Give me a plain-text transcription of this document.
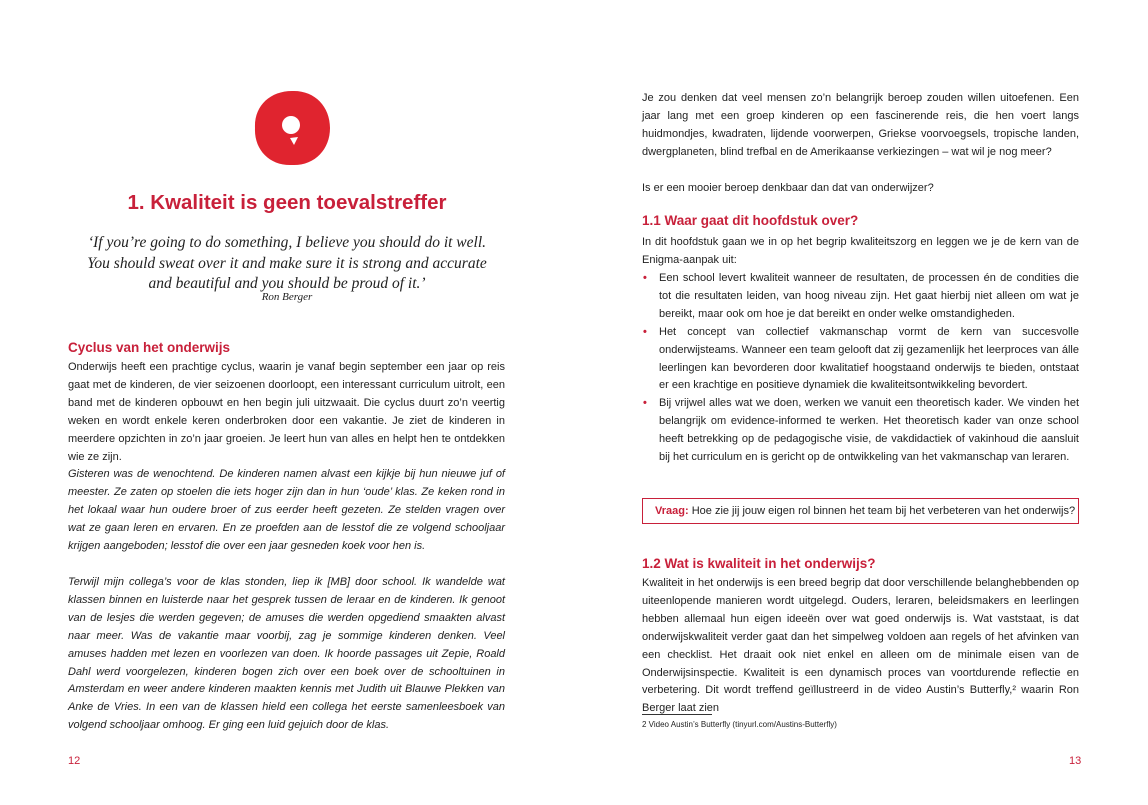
1. Kwaliteit is geen toevalstreffer
‘If you’re going to do something, I believe you should do it well. You should sweat over it and make sure it is strong and accurate and beautiful and you should be proud of it.’
Ron Berger
Cyclus van het onderwijs
Onderwijs heeft een prachtige cyclus, waarin je vanaf begin september een jaar op reis gaat met de kinderen, de vier seizoenen doorloopt, een interessant curriculum uitrolt, een band met de kinderen opbouwt en hen begin juli uitzwaait. Die cyclus duurt zo’n veertig weken en wordt enkele keren onderbroken door een vakantie. Je ziet de kinderen in meerdere opzichten in zo’n jaar groeien. Je leert hun van alles en helpt hen te ontdekken wie ze zijn.
Gisteren was de wenochtend. De kinderen namen alvast een kijkje bij hun nieuwe juf of meester. Ze zaten op stoelen die iets hoger zijn dan in hun ‘oude’ klas. Ze keken rond in het lokaal waar hun oudere broer of zus eerder heeft gezeten. Ze stelden vragen over wat ze gaan leren en ervaren. En ze proefden aan de lesstof die ze volgend schooljaar krijgen aangeboden; lesstof die over een jaar gesneden koek voor hen is.
Terwijl mijn collega’s voor de klas stonden, liep ik [MB] door school. Ik wandelde wat klassen binnen en luisterde naar het gesprek tussen de leraar en de kinderen. Ik genoot van de lesjes die werden gegeven; de amuses die werden opgediend smaakten alvast naar meer. Was de vakantie maar voorbij, zag je sommige kinderen denken. Veel amuses hadden met lezen en voorlezen van doen. Ik hoorde passages uit Zepie, Roald Dahl werd voorgelezen, kinderen bogen zich over een boek over de schooltuinen in Amsterdam en weer andere kinderen maakten kennis met Judith uit Blauwe Plekken van Anke de Vries. In een van de klassen hield een collega het eerste samenleesboek van volgend schooljaar omhoog. Er ging een luid gejuich door de klas.
12
Je zou denken dat veel mensen zo’n belangrijk beroep zouden willen uitoefenen. Een jaar lang met een groep kinderen op een fascinerende reis, die hen voert langs huidmondjes, kwadraten, lijdende voorwerpen, Griekse voorvoegsels, tropische landen, dwergplaneten, blind trefbal en de Amerikaanse verkiezingen – wat wil je nog meer?
Is er een mooier beroep denkbaar dan dat van onderwijzer?
1.1 Waar gaat dit hoofdstuk over?
In dit hoofdstuk gaan we in op het begrip kwaliteitszorg en leggen we je de kern van de Enigma-aanpak uit:
• Een school levert kwaliteit wanneer de resultaten, de processen én de condities die tot die resultaten leiden, van hoog niveau zijn. Het gaat hierbij niet alleen om wat je bereikt, maar ook om hoe je dat bereikt en onder welke omstandigheden.
• Het concept van collectief vakmanschap vormt de kern van succesvolle onderwijsteams. Wanneer een team gelooft dat zij gezamenlijk het leerproces van álle leerlingen kan bevorderen door kwalitatief hoogstaand onderwijs te bieden, ontstaat er een krachtige en positieve dynamiek die kwaliteitsontwikkeling bevordert.
• Bij vrijwel alles wat we doen, werken we vanuit een theoretisch kader. We vinden het belangrijk om evidence-informed te werken. Het theoretisch kader van onze school heeft betrekking op de pedagogische visie, de vakdidactiek of vakinhoud die aansluit bij het curriculum en is gericht op de ontwikkeling van het vakmanschap van leraren.
Vraag: Hoe zie jij jouw eigen rol binnen het team bij het verbeteren van het onderwijs?
1.2 Wat is kwaliteit in het onderwijs?
Kwaliteit in het onderwijs is een breed begrip dat door verschillende belanghebbenden op uiteenlopende manieren wordt uitgelegd. Ouders, leraren, beleidsmakers en leerlingen hebben allemaal hun eigen ideeën over wat goed onderwijs is. Wat vaststaat, is dat onderwijskwaliteit verder gaat dan het simpelweg voldoen aan regels of het afvinken van een checklist. Het draait ook niet enkel en alleen om de minimale eisen van de Onderwijsinspectie. Kwaliteit is een dynamisch proces van voortdurende reflectie en verbetering. Dit wordt treffend geïllustreerd in de video Austin’s Butterfly,² waarin Ron Berger laat zien
2 Video Austin’s Butterfly (tinyurl.com/Austins-Butterfly)
13
